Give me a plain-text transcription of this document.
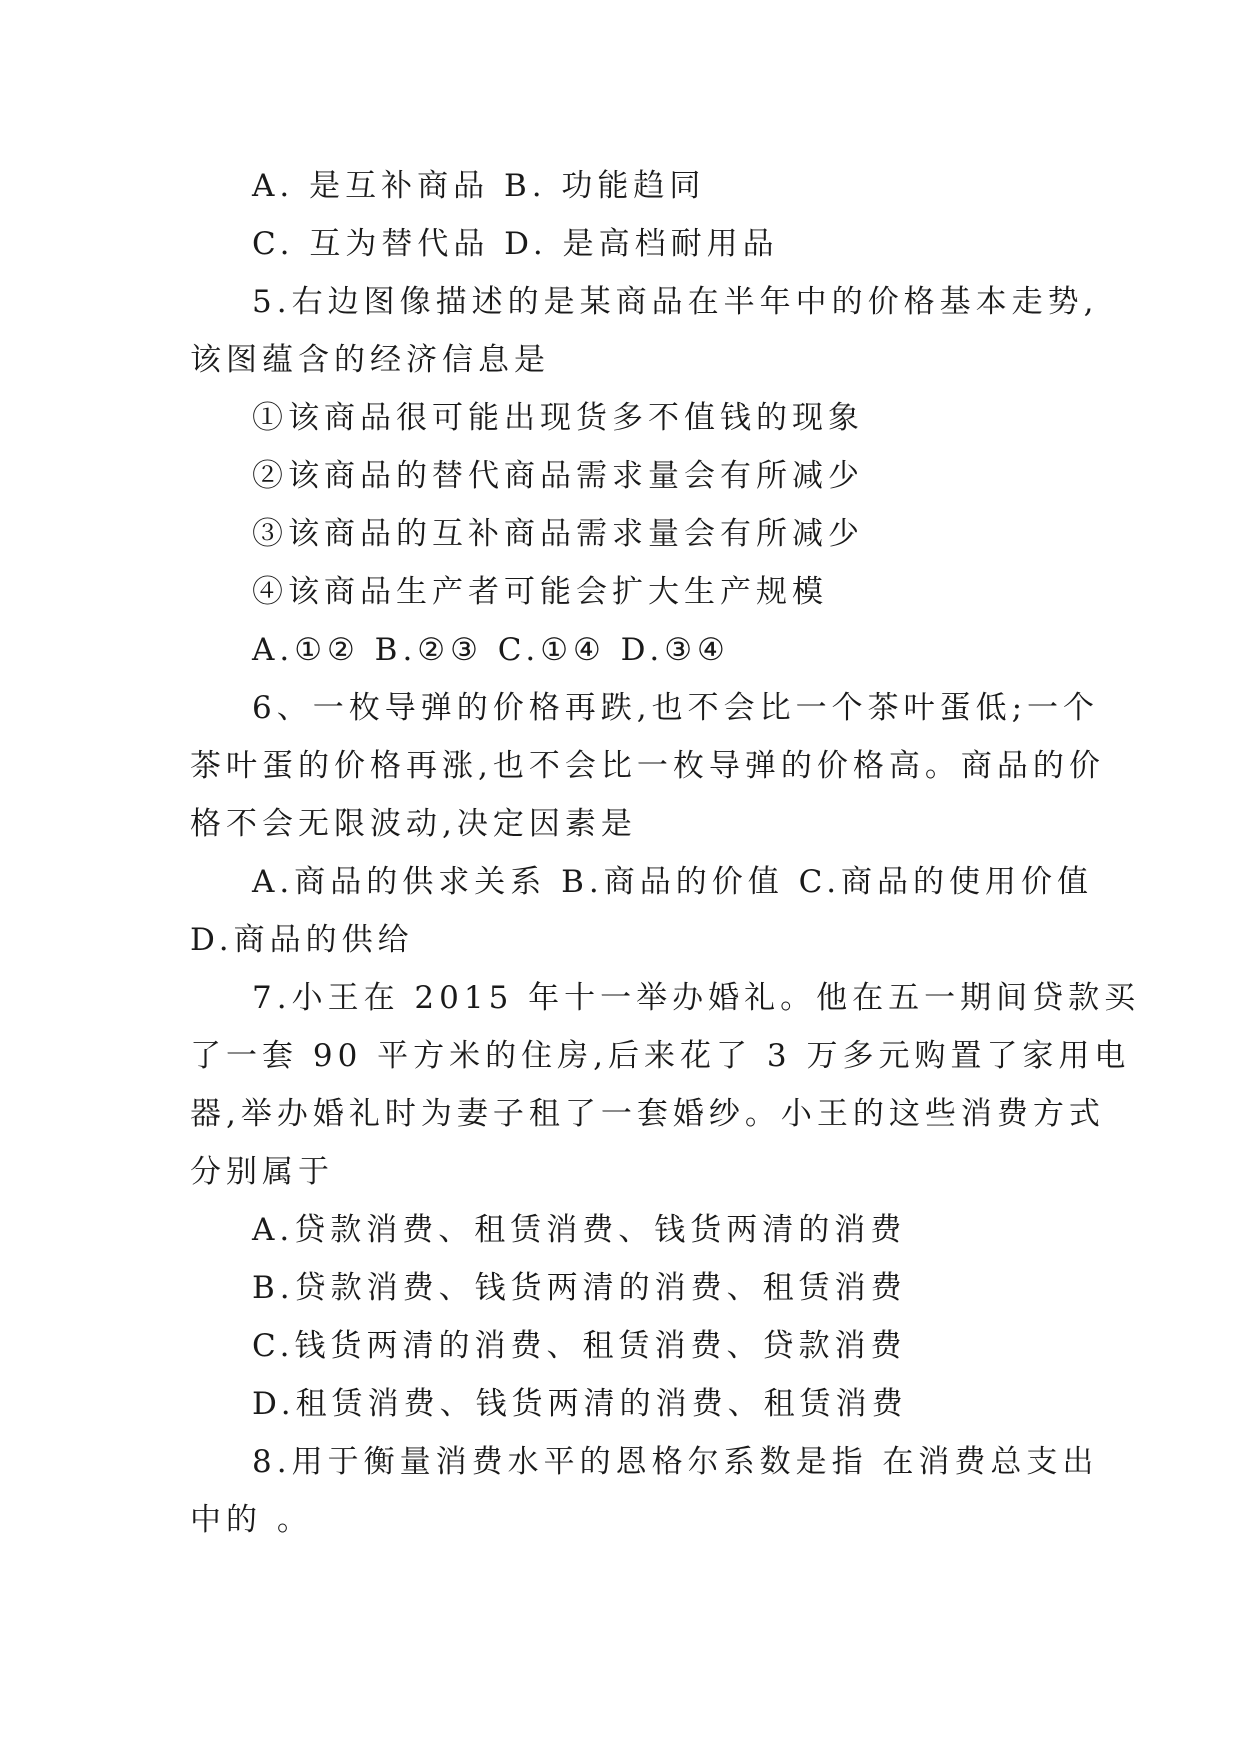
A. 是互补商品 B. 功能趋同
C. 互为替代品 D. 是高档耐用品
5.右边图像描述的是某商品在半年中的价格基本走势,
该图蕴含的经济信息是
①该商品很可能出现货多不值钱的现象
②该商品的替代商品需求量会有所减少
③该商品的互补商品需求量会有所减少
④该商品生产者可能会扩大生产规模
A.①② B.②③ C.①④ D.③④
6、一枚导弹的价格再跌,也不会比一个茶叶蛋低;一个
茶叶蛋的价格再涨,也不会比一枚导弹的价格高。商品的价
格不会无限波动,决定因素是
A.商品的供求关系 B.商品的价值 C.商品的使用价值
D.商品的供给
7.小王在 2015 年十一举办婚礼。他在五一期间贷款买
了一套 90 平方米的住房,后来花了 3 万多元购置了家用电
器,举办婚礼时为妻子租了一套婚纱。小王的这些消费方式
分别属于
A.贷款消费、租赁消费、钱货两清的消费
B.贷款消费、钱货两清的消费、租赁消费
C.钱货两清的消费、租赁消费、贷款消费
D.租赁消费、钱货两清的消费、租赁消费
8.用于衡量消费水平的恩格尔系数是指 在消费总支出
中的 。
